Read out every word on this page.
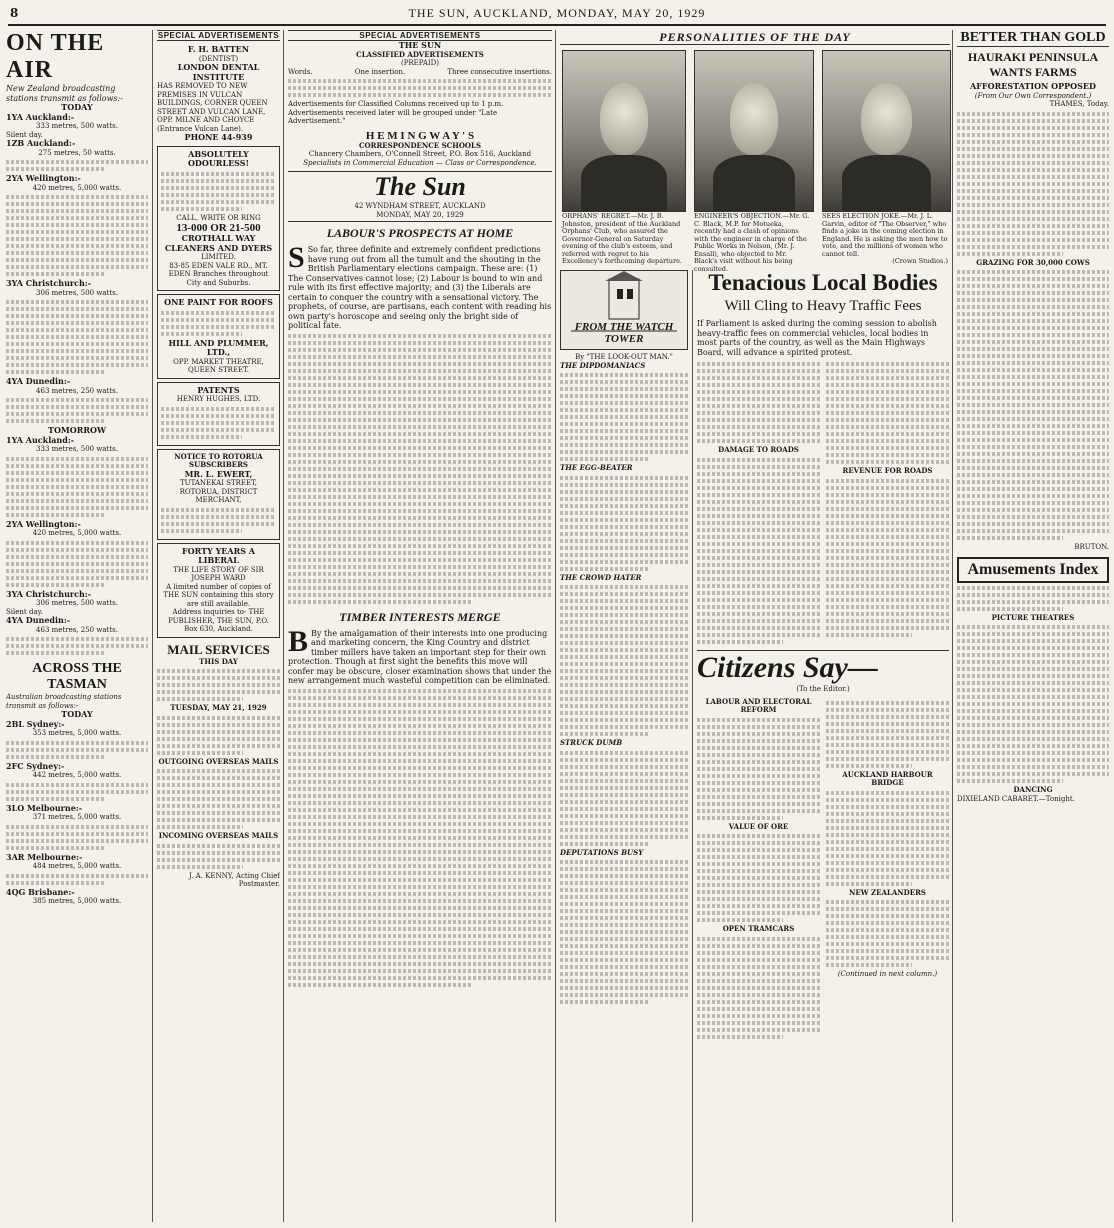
8	THE SUN, AUCKLAND, MONDAY, MAY 20, 1929
ON THE AIR
New Zealand broadcasting stations transmit as follows:-
TODAY
1YA Auckland:-
333 metres, 500 watts.
Silent day.
1ZB Auckland:-
275 metres, 50 watts.
2YA Wellington:-
420 metres, 5,000 watts.
3YA Christchurch:-
306 metres, 500 watts.
4YA Dunedin:-
463 metres, 250 watts.
TOMORROW
1YA Auckland:-
333 metres, 500 watts.
2YA Wellington:-
420 metres, 5,000 watts.
3YA Christchurch:-
306 metres, 500 watts.
Silent day.
4YA Dunedin:-
463 metres, 250 watts.
ACROSS THE TASMAN
Australian broadcasting stations transmit as follows:-
TODAY
2BL Sydney:-
353 metres, 5,000 watts.
2FC Sydney:-
442 metres, 5,000 watts.
3LO Melbourne:-
371 metres, 5,000 watts.
3AR Melbourne:-
484 metres, 5,000 watts.
4QG Brisbane:-
385 metres, 5,000 watts.
SPECIAL ADVERTISEMENTS
F. H. BATTEN
(DENTIST)
LONDON DENTAL INSTITUTE
HAS REMOVED TO NEW PREMISES IN VULCAN BUILDINGS, CORNER QUEEN STREET AND VULCAN LANE, OPP. MILNE AND CHOYCE (Entrance Vulcan Lane).
PHONE 44-939
ABSOLUTELY ODOURLESS!
CALL, WRITE OR RING
13-000 OR 21-500
CROTHALL WAY CLEANERS AND DYERS
LIMITED.
83-85 EDEN VALE RD., MT. EDEN Branches throughout City and Suburbs.
ONE PAINT FOR ROOFS
HILL AND PLUMMER, LTD.,
OPP. MARKET THEATRE, QUEEN STREET.
PATENTS
HENRY HUGHES, LTD.
NOTICE TO ROTORUA SUBSCRIBERS
MR. L. EWERT,
TUTANEKAI STREET, ROTORUA, DISTRICT MERCHANT,
FORTY YEARS A LIBERAL
THE LIFE STORY OF SIR JOSEPH WARD
A limited number of copies of THE SUN containing this story are still available.
Address inquiries to- THE PUBLISHER, THE SUN, P.O. Box 630, Auckland.
MAIL SERVICES
THIS DAY
TUESDAY, MAY 21, 1929
OUTGOING OVERSEAS MAILS
INCOMING OVERSEAS MAILS
J. A. KENNY, Acting Chief Postmaster.
SPECIAL ADVERTISEMENTS
THE SUN
CLASSIFIED ADVERTISEMENTS
(PREPAID)
Words.	One insertion.	Three consecutive insertions.
Advertisements for Classified Columns received up to 1 p.m. Advertisements received later will be grouped under "Late Advertisement."
H E M I N G W A Y ' S
CORRESPONDENCE SCHOOLS
Chancery Chambers, O'Connell Street, P.O. Box 516, Auckland
Specialists in Commercial Education — Class or Correspondence.
The Sun
42 WYNDHAM STREET, AUCKLAND
MONDAY, MAY 20, 1929
LABOUR'S PROSPECTS AT HOME
S So far, three definite and extremely confident predictions have rung out from all the tumult and the shouting in the British Parliamentary elections campaign. These are: (1) The Conservatives cannot lose; (2) Labour is bound to win and rule with its first effective majority; and (3) the Liberals are certain to conquer the country with a sensational victory. The prophets, of course, are partisans, each content with reading his own party's horoscope and seeing only the bright side of political fate.
TIMBER INTERESTS MERGE
B By the amalgamation of their interests into one producing and marketing concern, the King Country and district timber millers have taken an important step for their own protection. Though at first sight the benefits this move will confer may be obscure, closer examination shows that under the new arrangement much wasteful competition can be eliminated.
PERSONALITIES OF THE DAY
ORPHANS' REGRET.—Mr. J. B. Johnston, president of the Auckland Orphans' Club, who assured the Governor-General on Saturday evening of the club's esteem, and referred with regret to his Excellency's forthcoming departure.
ENGINEER'S OBJECTION.—Mr. G. C. Black, M.P. for Motueka, recently had a clash of opinions with the engineer in charge of the Public Works in Nelson, (Mr. J. Ensall), who objected to Mr. Black's visit without his being consulted.
SEES ELECTION JOKE.—Mr. J. L. Garvin, editor of "The Observer," who finds a joke in the coming election in England. He is asking the men how to vote, and the millions of women who cannot tell.
(Crown Studios.)
FROM THE WATCH TOWER
By "THE LOOK-OUT MAN."
THE DIPDOMANIACS
THE EGG-BEATER
THE CROWD HATER
STRUCK DUMB
DEPUTATIONS BUSY
Tenacious Local Bodies
Will Cling to Heavy Traffic Fees
If Parliament is asked during the coming session to abolish heavy-traffic fees on commercial vehicles, local bodies in most parts of the country, as well as the Main Highways Board, will advance a spirited protest.
DAMAGE TO ROADS
REVENUE FOR ROADS
Citizens Say—
(To the Editor.)
LABOUR AND ELECTORAL REFORM
VALUE OF ORE
OPEN TRAMCARS
AUCKLAND HARBOUR BRIDGE
NEW ZEALANDERS
(Continued in next column.)
BETTER THAN GOLD
HAURAKI PENINSULA WANTS FARMS
AFFORESTATION OPPOSED
(From Our Own Correspondent.)
THAMES, Today.
GRAZING FOR 30,000 COWS
BRUTON.
Amusements Index
PICTURE THEATRES
DANCING
DIXIELAND CABARET.—Tonight.
